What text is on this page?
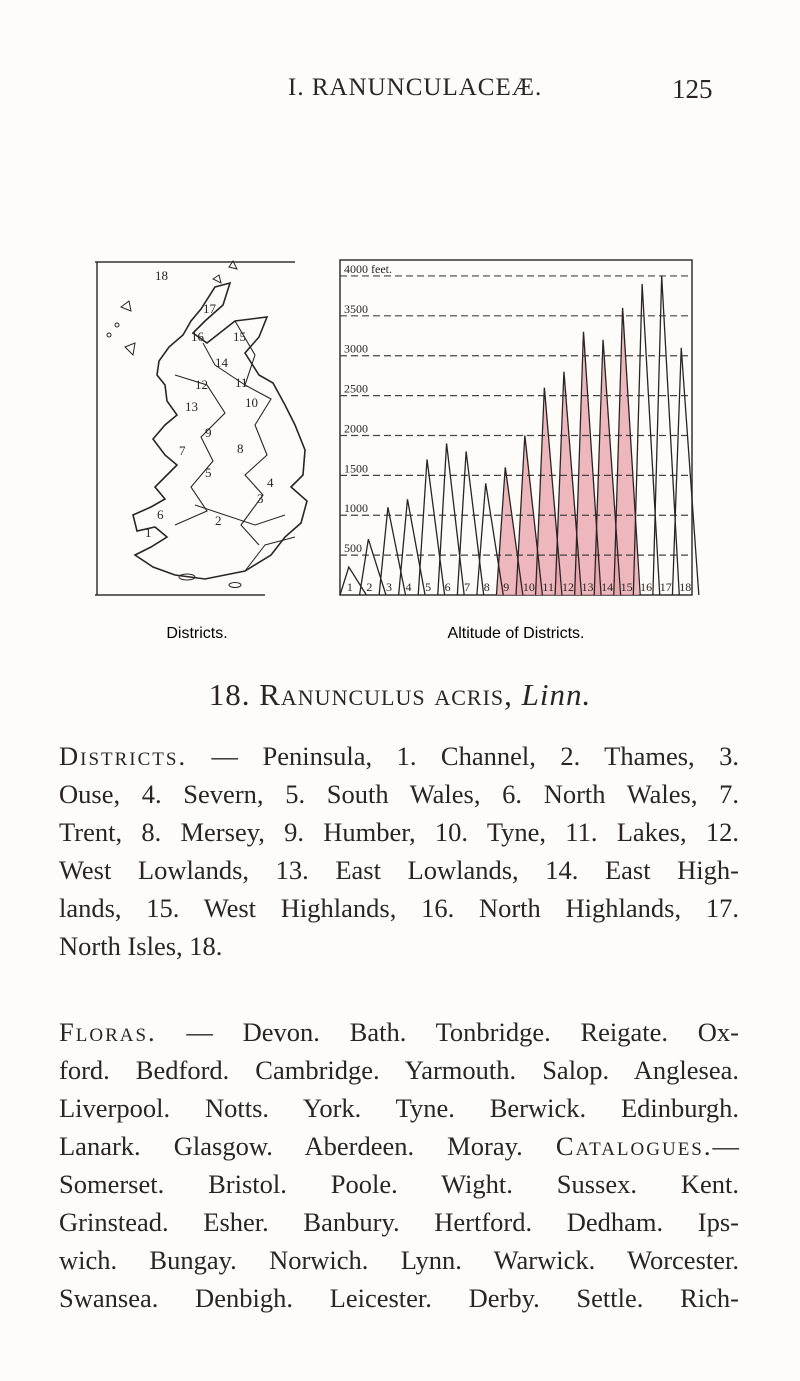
I. RANUNCULACEÆ.	125
1
2
3
4
5
6
7	8
9
10
11
12
13
14
15
16
17
18	4000 feet.
3500
3000
2500
2000
1500
1000
500
1 2 3 4 5 6 7 8 9 10 11 12 13 14 15 16 17 18
Districts.	Altitude of Districts.
18. Ranunculus acris, Linn.
Districts. — Peninsula, 1. Channel, 2. Thames, 3.
Ouse, 4. Severn, 5. South Wales, 6. North Wales, 7.
Trent, 8. Mersey, 9. Humber, 10. Tyne, 11. Lakes, 12.
West Lowlands, 13. East Lowlands, 14. East High-
lands, 15. West Highlands, 16. North Highlands, 17.
North Isles, 18.
Floras. — Devon. Bath. Tonbridge. Reigate. Ox-
ford. Bedford. Cambridge. Yarmouth. Salop. Anglesea.
Liverpool. Notts. York. Tyne. Berwick. Edinburgh.
Lanark. Glasgow. Aberdeen. Moray. Catalogues.—
Somerset. Bristol. Poole. Wight. Sussex. Kent.
Grinstead. Esher. Banbury. Hertford. Dedham. Ips-
wich. Bungay. Norwich. Lynn. Warwick. Worcester.
Swansea. Denbigh. Leicester. Derby. Settle. Rich-
